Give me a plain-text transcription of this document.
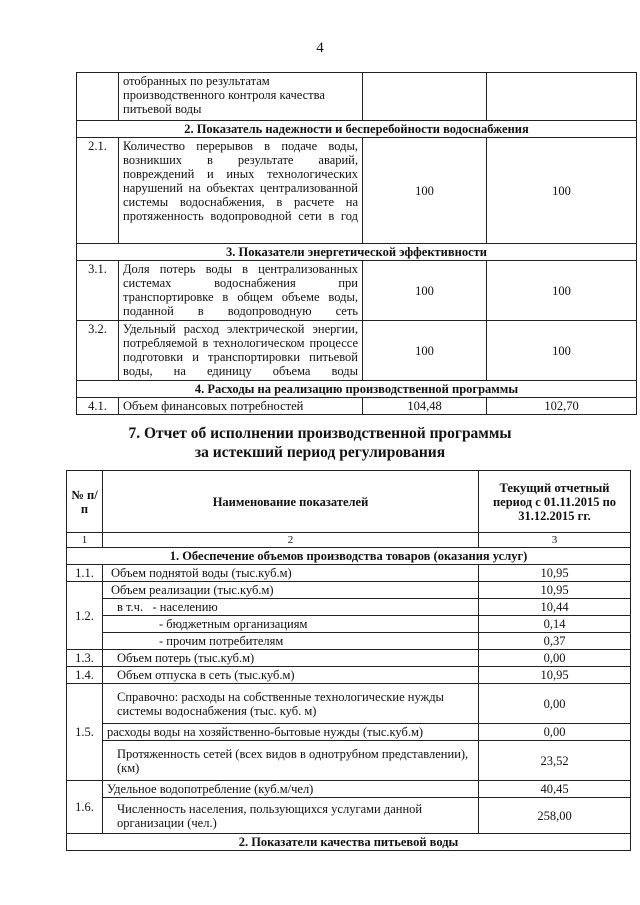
4
	отобранных по результатам производственного контроля качества питьевой воды		
2. Показатель надежности и бесперебойности водоснабжения			
2.1.	Количество перерывов в подаче воды, возникших в результате аварий, повреждений и иных технологических нарушений на объектах централизованной системы водоснабжения, в расчете на протяженность водопроводной сети в год	100	100
3. Показатели энергетической эффективности			
3.1.	Доля потерь воды в централизованных системах водоснабжения при транспортировке в общем объеме воды, поданной в водопроводную сеть	100	100
3.2.	Удельный расход электрической энергии, потребляемой в технологическом процессе подготовки и транспортировки питьевой воды, на единицу объема воды	100	100
4. Расходы на реализацию производственной программы			
4.1.	Объем финансовых потребностей	104,48	102,70
7. Отчет об исполнении производственной программы
за истекший период регулирования
№ п/п	Наименование показателей	Текущий отчетный период с 01.11.2015 по 31.12.2015 гг.
1	2	3
1. Обеспечение объемов производства товаров (оказания услуг)		
1.1.	Объем поднятой воды (тыс.куб.м)	10,95
1.2.	Объем реализации (тыс.куб.м)	10,95
	в т.ч. - населению	10,44
	- бюджетным организациям	0,14
	- прочим потребителям	0,37
1.3.	Объем потерь (тыс.куб.м)	0,00
1.4.	Объем отпуска в сеть (тыс.куб.м)	10,95
1.5.	Справочно: расходы на собственные технологические нужды системы водоснабжения (тыс. куб. м)	0,00
	расходы воды на хозяйственно-бытовые нужды (тыс.куб.м)	0,00
	Протяженность сетей (всех видов в однотрубном представлении), (км)	23,52
1.6.	Удельное водопотребление (куб.м/чел)	40,45
	Численность населения, пользующихся услугами данной организации (чел.)	258,00
2. Показатели качества питьевой воды		
